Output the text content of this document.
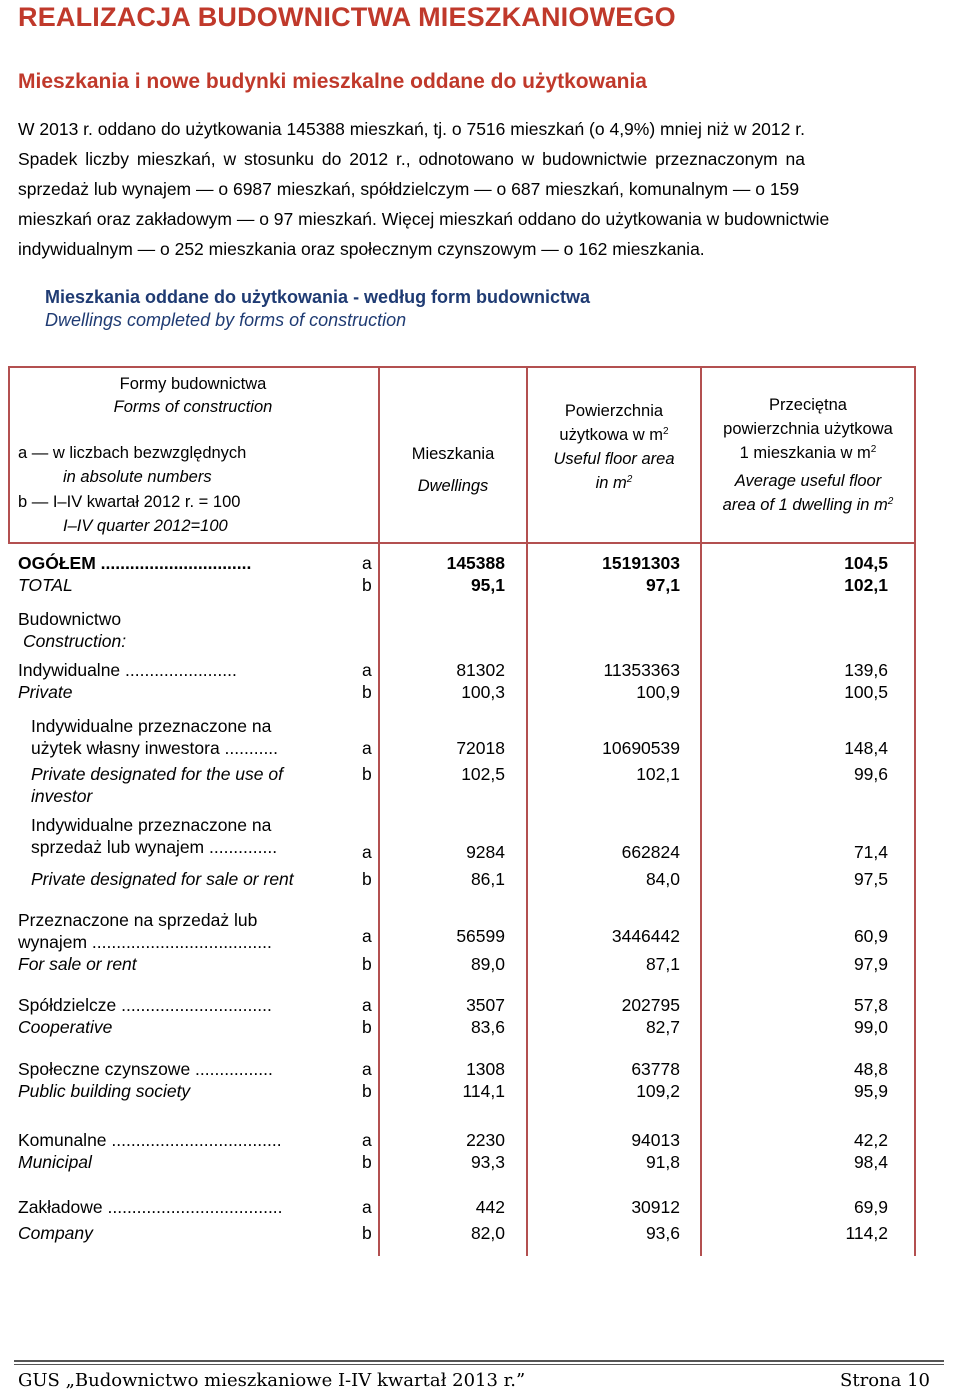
REALIZACJA BUDOWNICTWA MIESZKANIOWEGO
Mieszkania i nowe budynki mieszkalne oddane do użytkowania
W 2013 r. oddano do użytkowania 145388 mieszkań, tj. o 7516 mieszkań (o 4,9%) mniej niż w 2012 r.
Spadek liczby mieszkań, w stosunku do 2012 r., odnotowano w budownictwie przeznaczonym na
sprzedaż lub wynajem — o 6987 mieszkań, spółdzielczym — o 687 mieszkań, komunalnym — o 159
mieszkań oraz zakładowym — o 97 mieszkań. Więcej mieszkań oddano do użytkowania w budownictwie
indywidualnym — o 252 mieszkania oraz społecznym czynszowym — o 162 mieszkania.
Mieszkania oddane do użytkowania - według form budownictwa
Dwellings completed by forms of construction
Formy budownictwa
Forms of construction
a — w liczbach bezwzględnych
in absolute numbers
b — I–IV kwartał 2012 r. = 100
I–IV quarter 2012=100
Mieszkania
Dwellings
Powierzchnia
użytkowa w $m^2$
Useful floor area
in $m^2$
Przeciętna
powierzchnia użytkowa
1 mieszkania w $m^2$
Average useful floor
area of 1 dwelling in $m^2$
OGÓŁEM ...............................	a	145388	15191303	104,5
TOTAL	b	95,1	97,1	102,1
Budownictwo
Construction:
Indywidualne .......................	a	81302	11353363	139,6
Private	b	100,3	100,9	100,5
Indywidualne przeznaczone na
użytek własny inwestora ...........	a	72018	10690539	148,4
Private designated for the use of
investor
b	102,5	102,1	99,6
Indywidualne przeznaczone na
sprzedaż lub wynajem ..............	a	9284	662824	71,4
Private designated for sale or rent	b	86,1	84,0	97,5
Przeznaczone na sprzedaż lub
wynajem .....................................	a	56599	3446442	60,9
For sale or rent	b	89,0	87,1	97,9
Spółdzielcze ...............................	a	3507	202795	57,8
Cooperative	b	83,6	82,7	99,0
Społeczne czynszowe ................	a	1308	63778	48,8
Public building society	b	114,1	109,2	95,9
Komunalne ...................................	a	2230	94013	42,2
Municipal	b	93,3	91,8	98,4
Zakładowe ....................................	a	442	30912	69,9
Company	b	82,0	93,6	114,2
GUS „Budownictwo mieszkaniowe I-IV kwartał 2013 r.”	Strona 10
